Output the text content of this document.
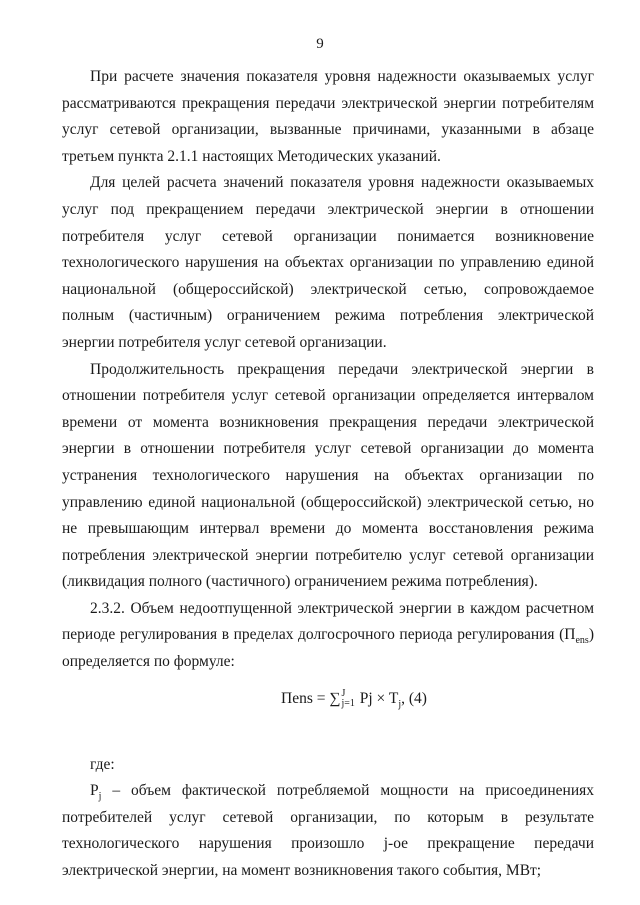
9

При расчете значения показателя уровня надежности оказываемых услуг рассматриваются прекращения передачи электрической энергии потребителям услуг сетевой организации, вызванные причинами, указанными в абзаце третьем пункта 2.1.1 настоящих Методических указаний.

Для целей расчета значений показателя уровня надежности оказываемых услуг под прекращением передачи электрической энергии в отношении потребителя услуг сетевой организации понимается возникновение технологического нарушения на объектах организации по управлению единой национальной (общероссийской) электрической сетью, сопровождаемое полным (частичным) ограничением режима потребления электрической энергии потребителя услуг сетевой организации.

Продолжительность прекращения передачи электрической энергии в отношении потребителя услуг сетевой организации определяется интервалом времени от момента возникновения прекращения передачи электрической энергии в отношении потребителя услуг сетевой организации до момента устранения технологического нарушения на объектах организации по управлению единой национальной (общероссийской) электрической сетью, но не превышающим интервал времени до момента восстановления режима потребления электрической энергии потребителю услуг сетевой организации (ликвидация полного (частичного) ограничением режима потребления).

2.3.2. Объем недоотпущенной электрической энергии в каждом расчетном периоде регулирования в пределах долгосрочного периода регулирования $(П_{ens})$ определяется по формуле:

Пens = ∑ J
j=1 $Pj \times T_j$, (4)

где:

$P_j$ – объем фактической потребляемой мощности на присоединениях потребителей услуг сетевой организации, по которым в результате технологического нарушения произошло j-ое прекращение передачи электрической энергии, на момент возникновения такого события, МВт;
